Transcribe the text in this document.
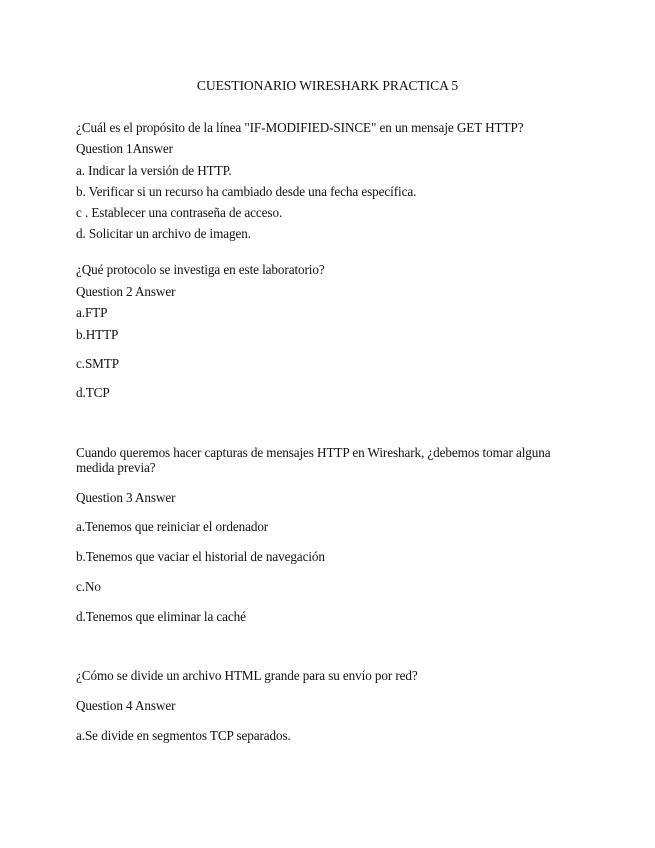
CUESTIONARIO WIRESHARK PRACTICA 5
¿Cuál es el propósito de la línea "IF-MODIFIED-SINCE" en un mensaje GET HTTP?
Question 1Answer
a. Indicar la versión de HTTP.
b. Verificar si un recurso ha cambiado desde una fecha específica.
c . Establecer una contraseña de acceso.
d. Solicitar un archivo de imagen.
¿Qué protocolo se investiga en este laboratorio?
Question 2 Answer
a.FTP
b.HTTP
c.SMTP
d.TCP
Cuando queremos hacer capturas de mensajes HTTP en Wireshark, ¿debemos tomar alguna medida previa?
Question 3 Answer
a.Tenemos que reiniciar el ordenador
b.Tenemos que vaciar el historial de navegación
c.No
d.Tenemos que eliminar la caché
¿Cómo se divide un archivo HTML grande para su envío por red?
Question 4 Answer
a.Se divide en segmentos TCP separados.
